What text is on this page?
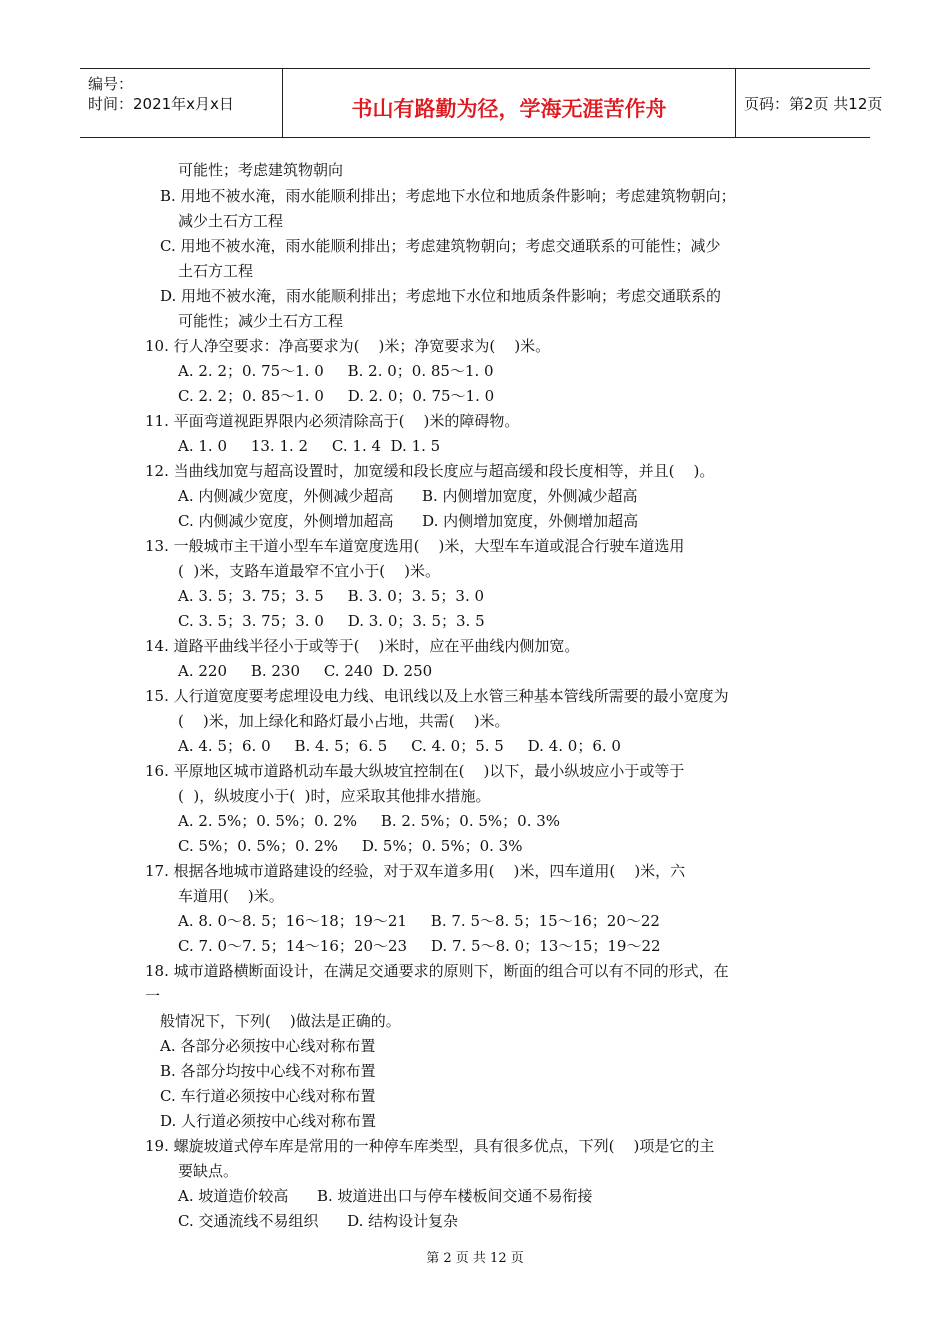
编号：
时间：2021年x月x日	书山有路勤为径，学海无涯苦作舟	页码：第2页 共12页
可能性；考虑建筑物朝向
B. 用地不被水淹，雨水能顺利排出；考虑地下水位和地质条件影响；考虑建筑物朝向；
减少土石方工程
C. 用地不被水淹，雨水能顺利排出；考虑建筑物朝向；考虑交通联系的可能性；减少
土石方工程
D. 用地不被水淹，雨水能顺利排出；考虑地下水位和地质条件影响；考虑交通联系的
可能性；减少土石方工程
10. 行人净空要求：净高要求为(    )米；净宽要求为(    )米。
A. 2. 2；0. 75～1. 0     B. 2. 0；0. 85～1. 0
C. 2. 2；0. 85～1. 0     D. 2. 0；0. 75～1. 0
11. 平面弯道视距界限内必须清除高于(    )米的障碍物。
A. 1. 0     13. 1. 2     C. 1. 4  D. 1. 5
12. 当曲线加宽与超高设置时，加宽缓和段长度应与超高缓和段长度相等，并且(    )。
A. 内侧减少宽度，外侧减少超高      B. 内侧增加宽度，外侧减少超高
C. 内侧减少宽度，外侧增加超高      D. 内侧增加宽度，外侧增加超高
13. 一般城市主干道小型车车道宽度选用(    )米，大型车车道或混合行驶车道选用
(  )米，支路车道最窄不宜小于(    )米。
A. 3. 5；3. 75；3. 5     B. 3. 0；3. 5；3. 0
C. 3. 5；3. 75；3. 0     D. 3. 0；3. 5；3. 5
14. 道路平曲线半径小于或等于(    )米时，应在平曲线内侧加宽。
A. 220     B. 230     C. 240  D. 250
15. 人行道宽度要考虑埋设电力线、电讯线以及上水管三种基本管线所需要的最小宽度为
(    )米，加上绿化和路灯最小占地，共需(    )米。
A. 4. 5；6. 0     B. 4. 5；6. 5     C. 4. 0；5. 5     D. 4. 0；6. 0
16. 平原地区城市道路机动车最大纵坡宜控制在(    )以下，最小纵坡应小于或等于
(  )，纵坡度小于(  )时，应采取其他排水措施。
A. 2. 5%；0. 5%；0. 2%     B. 2. 5%；0. 5%；0. 3%
C. 5%；0. 5%；0. 2%     D. 5%；0. 5%；0. 3%
17. 根据各地城市道路建设的经验，对于双车道多用(    )米，四车道用(    )米，六
车道用(    )米。
A. 8. 0～8. 5；16～18；19～21     B. 7. 5～8. 5；15～16；20～22
C. 7. 0～7. 5；14～16；20～23     D. 7. 5～8. 0；13～15；19～22
18. 城市道路横断面设计，在满足交通要求的原则下，断面的组合可以有不同的形式，在
一
般情况下，下列(    )做法是正确的。
A. 各部分必须按中心线对称布置
B. 各部分均按中心线不对称布置
C. 车行道必须按中心线对称布置
D. 人行道必须按中心线对称布置
19. 螺旋坡道式停车库是常用的一种停车库类型，具有很多优点，下列(    )项是它的主
要缺点。
A. 坡道造价较高      B. 坡道进出口与停车楼板间交通不易衔接
C. 交通流线不易组织      D. 结构设计复杂
第 2 页 共 12 页
